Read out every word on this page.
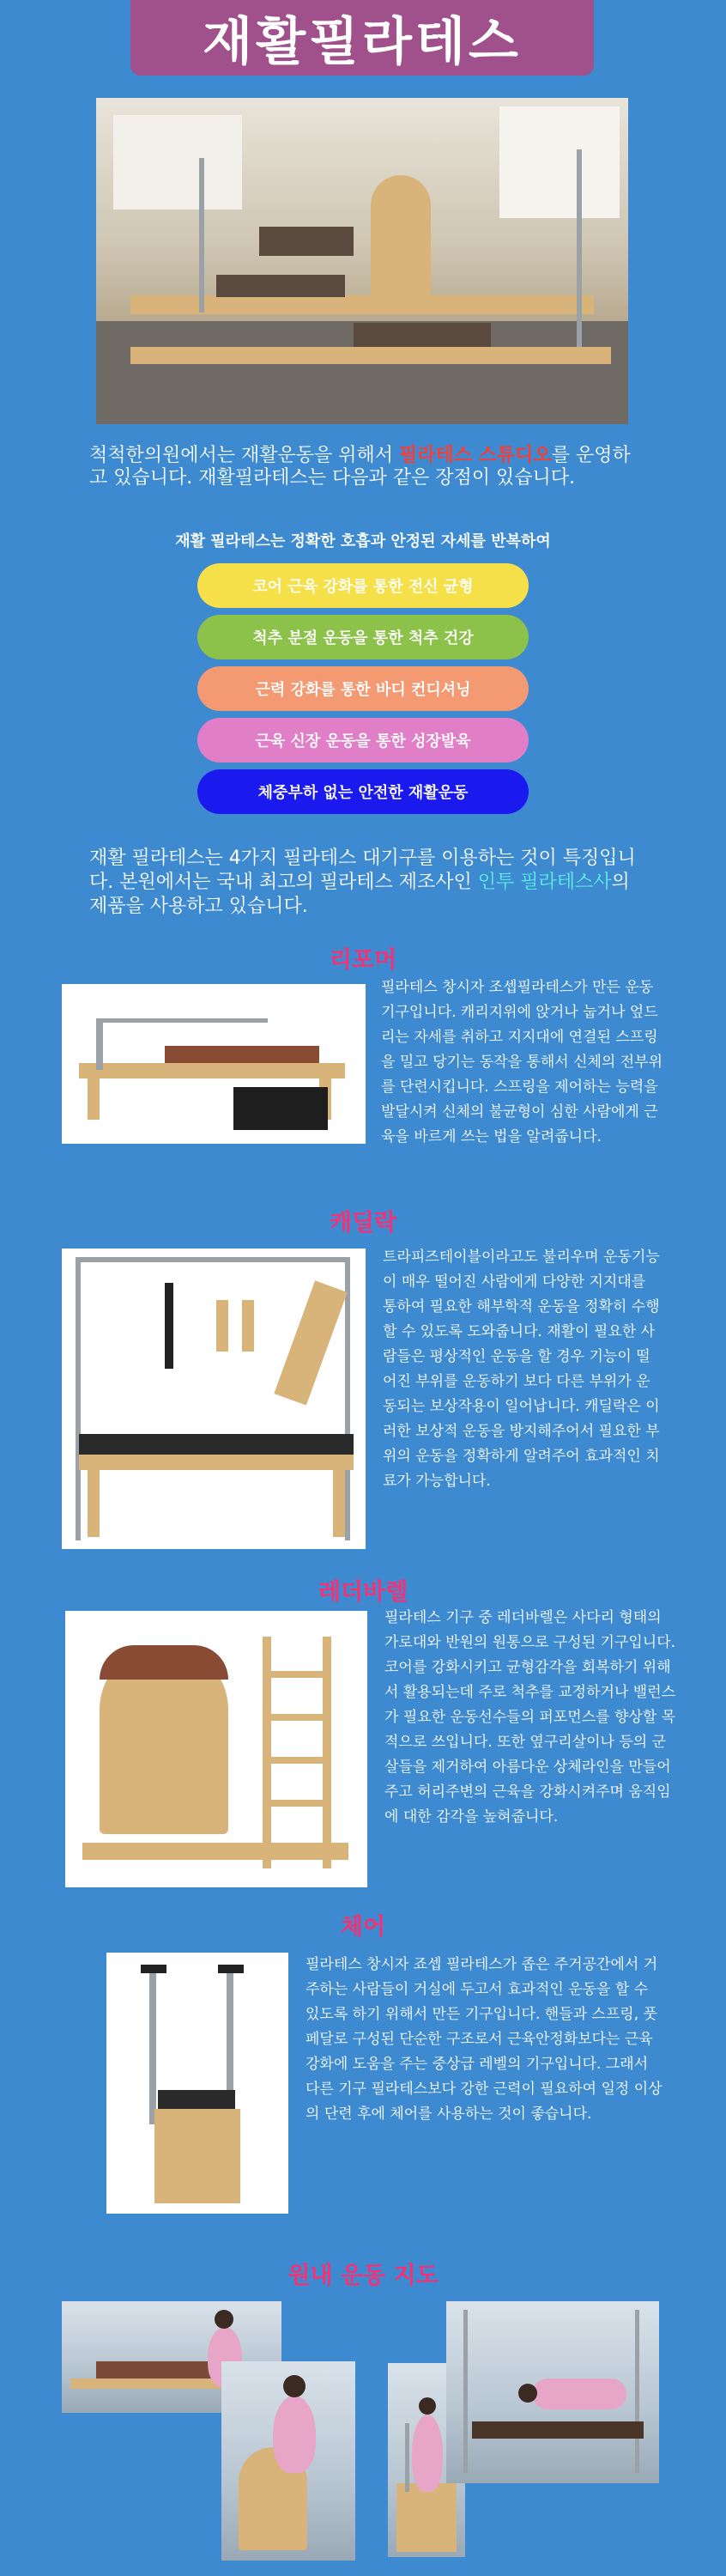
재활필라테스
척척한의원에서는 재활운동을 위해서 필라테스 스튜디오를 운영하고 있습니다. 재활필라테스는 다음과 같은 장점이 있습니다.
재활 필라테스는 정확한 호흡과 안정된 자세를 반복하여
코어 근육 강화를 통한 전신 균형
척추 분절 운동을 통한 척추 건강
근력 강화를 통한 바디 컨디셔닝
근육 신장 운동을 통한 성장발육
체중부하 없는 안전한 재활운동
재활 필라테스는 4가지 필라테스 대기구를 이용하는 것이 특징입니다. 본원에서는 국내 최고의 필라테스 제조사인 인투 필라테스사의 제품을 사용하고 있습니다.
리포머
필라테스 창시자 조셉필라테스가 만든 운동기구입니다. 캐리지위에 앉거나 눕거나 엎드리는 자세를 취하고 지지대에 연결된 스프링을 밀고 당기는 동작을 통해서 신체의 전부위를 단련시킵니다. 스프링을 제어하는 능력을 발달시켜 신체의 불균형이 심한 사람에게 근육을 바르게 쓰는 법을 알려줍니다.
캐딜락
트라피즈테이블이라고도 불리우며 운동기능이 매우 떨어진 사람에게 다양한 지지대를 통하여 필요한 해부학적 운동을 정확히 수행할 수 있도록 도와줍니다. 재활이 필요한 사람들은 평상적인 운동을 할 경우 기능이 떨어진 부위를 운동하기 보다 다른 부위가 운동되는 보상작용이 일어납니다. 캐딜락은 이러한 보상적 운동을 방지해주어서 필요한 부위의 운동을 정확하게 알려주어 효과적인 치료가 가능합니다.
레더바렐
필라테스 기구 중 레더바렐은 사다리 형태의 가로대와 반원의 원통으로 구성된 기구입니다. 코어를 강화시키고 균형감각을 회복하기 위해서 활용되는데 주로 척추를 교정하거나 밸런스가 필요한 운동선수들의 퍼포먼스를 향상할 목적으로 쓰입니다. 또한 옆구리살이나 등의 군살들을 제거하여 아름다운 상체라인을 만들어주고 허리주변의 근육을 강화시켜주며 움직임에 대한 감각을 높혀줍니다.
체어
필라테스 창시자 죠셉 필라테스가 좁은 주거공간에서 거주하는 사람들이 거실에 두고서 효과적인 운동을 할 수 있도록 하기 위해서 만든 기구입니다. 핸들과 스프링, 풋페달로 구성된 단순한 구조로서 근육안정화보다는 근육강화에 도움을 주는 중상급 레벨의 기구입니다. 그래서 다른 기구 필라테스보다 강한 근력이 필요하여 일정 이상의 단련 후에 체어를 사용하는 것이 좋습니다.
원내 운동 지도
